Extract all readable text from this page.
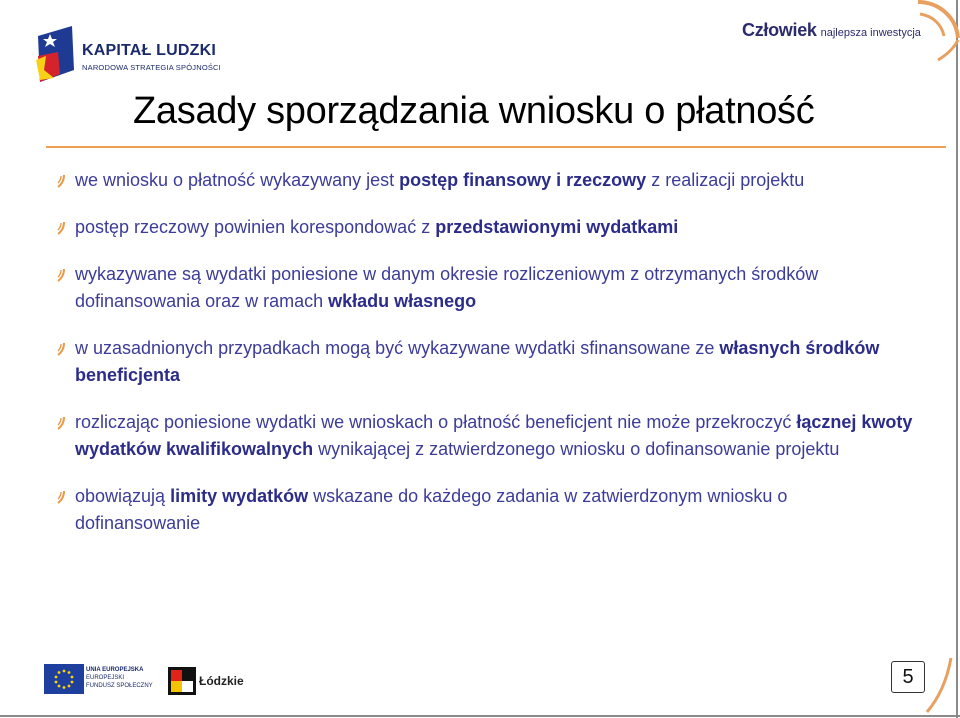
KAPITAŁ LUDZKI
NARODOWA STRATEGIA SPÓJNOŚCI
Człowiek najlepsza inwestycja
Zasady sporządzania wniosku o płatność
we wniosku o płatność wykazywany jest postęp finansowy i rzeczowy z realizacji projektu
postęp rzeczowy powinien korespondować z przedstawionymi wydatkami
wykazywane są wydatki poniesione w danym okresie rozliczeniowym z otrzymanych środków dofinansowania oraz w ramach wkładu własnego
w uzasadnionych przypadkach mogą być wykazywane wydatki sfinansowane ze własnych środków beneficjenta
rozliczając poniesione wydatki we wnioskach o płatność beneficjent nie może przekroczyć łącznej kwoty wydatków kwalifikowalnych wynikającej z zatwierdzonego wniosku o dofinansowanie projektu
obowiązują limity wydatków wskazane do każdego zadania w zatwierdzonym wniosku o dofinansowanie
UNIA EUROPEJSKA
EUROPEJSKI
FUNDUSZ SPOŁECZNY	Łódzkie	5
